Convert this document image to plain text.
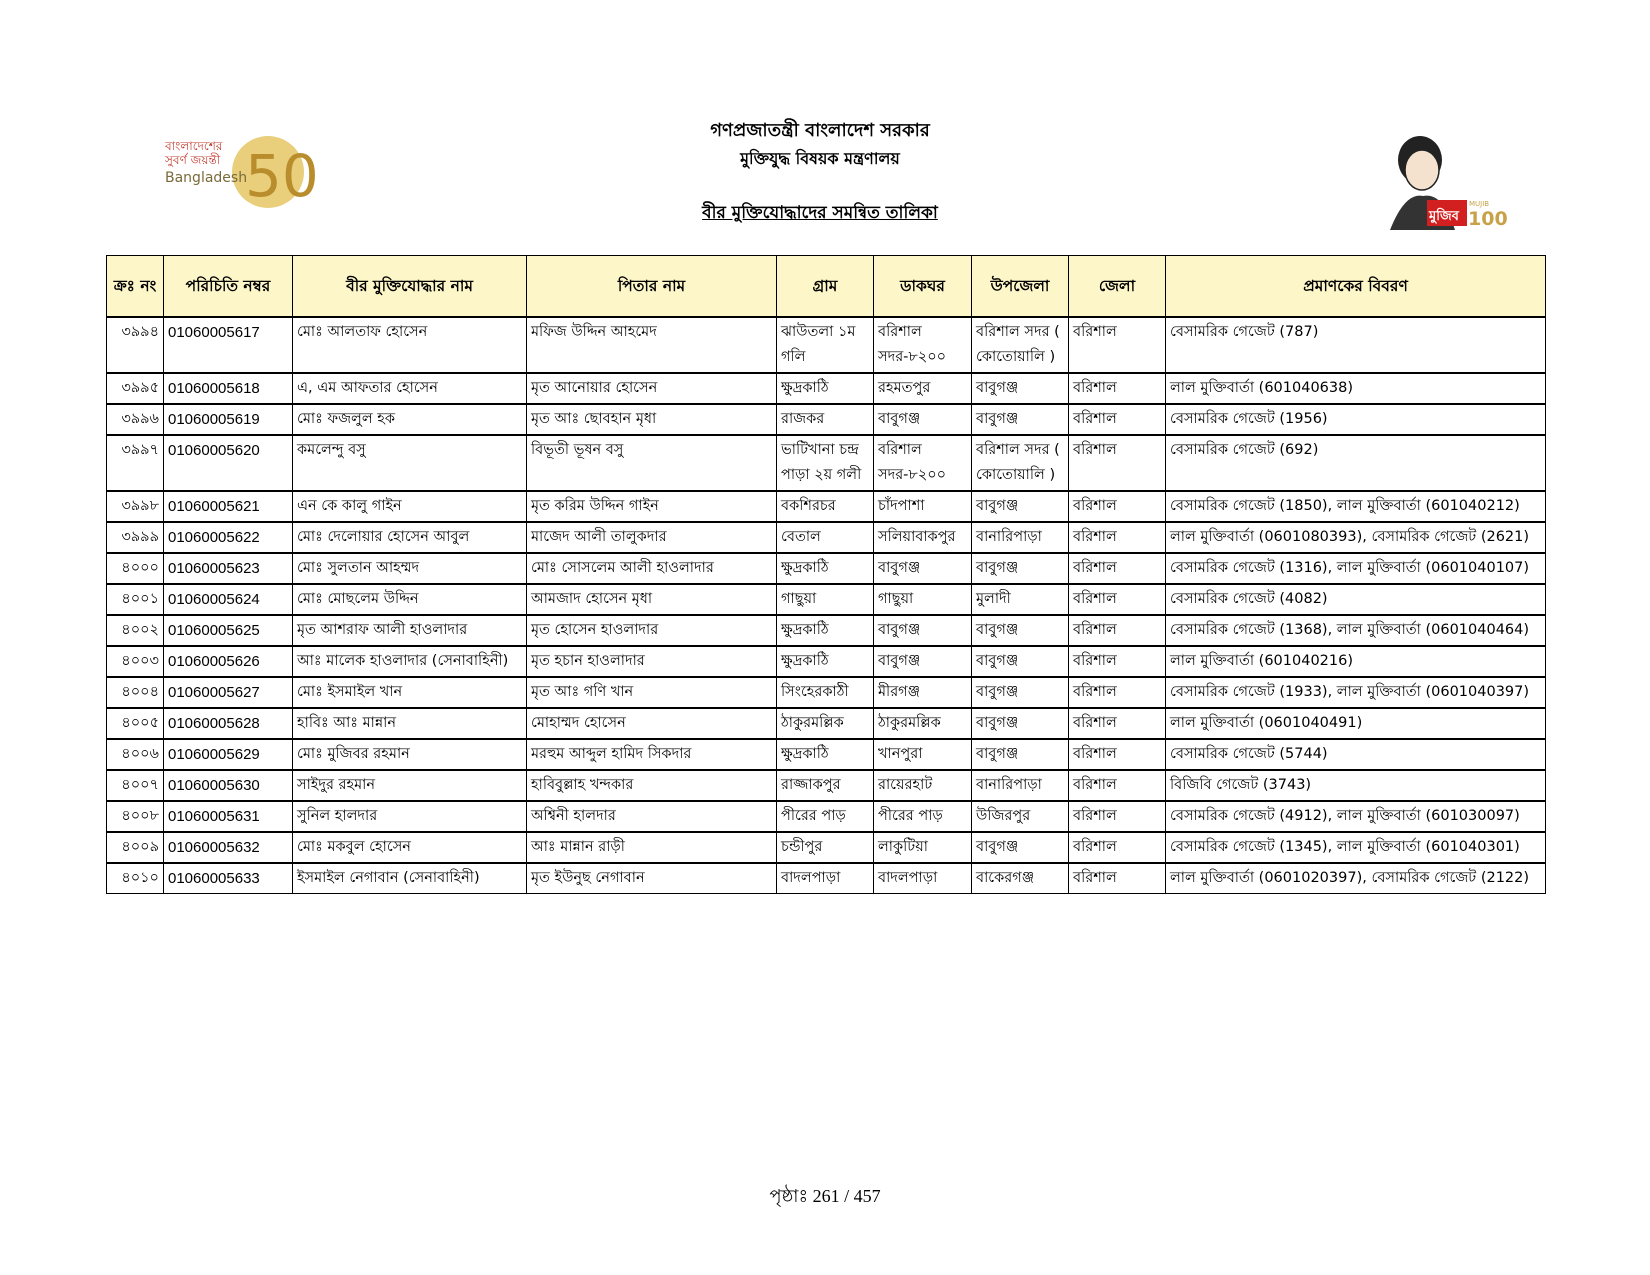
50
বাংলাদেশের
সুবর্ণ জয়ন্তী
Bangladesh
গণপ্রজাতন্ত্রী বাংলাদেশ সরকার
মুক্তিযুদ্ধ বিষয়ক মন্ত্রণালয়
বীর মুক্তিযোদ্ধাদের সমন্বিত তালিকা	মুজিব 100
MUJIB
ক্রঃ নং	পরিচিতি নম্বর	বীর মুক্তিযোদ্ধার নাম	পিতার নাম	গ্রাম	ডাকঘর	উপজেলা	জেলা	প্রমাণকের বিবরণ
৩৯৯৪	01060005617	মোঃ আলতাফ হোসেন	মফিজ উদ্দিন আহমেদ	ঝাউতলা ১ম গলি	বরিশাল সদর-৮২০০	বরিশাল সদর ( কোতোয়ালি )	বরিশাল	বেসামরিক গেজেট (787)
৩৯৯৫	01060005618	এ, এম আফতার হোসেন	মৃত আনোয়ার হোসেন	ক্ষুদ্রকাঠি	রহমতপুর	বাবুগঞ্জ	বরিশাল	লাল মুক্তিবার্তা (601040638)
৩৯৯৬	01060005619	মোঃ ফজলুল হক	মৃত আঃ ছোবহান মৃধা	রাজকর	বাবুগঞ্জ	বাবুগঞ্জ	বরিশাল	বেসামরিক গেজেট (1956)
৩৯৯৭	01060005620	কমলেন্দু বসু	বিভূতী ভূষন বসু	ভাটিখানা চন্দ্র পাড়া ২য় গলী	বরিশাল সদর-৮২০০	বরিশাল সদর ( কোতোয়ালি )	বরিশাল	বেসামরিক গেজেট (692)
৩৯৯৮	01060005621	এন কে কালু গাইন	মৃত করিম উদ্দিন গাইন	বকশিরচর	চাঁদপাশা	বাবুগঞ্জ	বরিশাল	বেসামরিক গেজেট (1850), লাল মুক্তিবার্তা (601040212)
৩৯৯৯	01060005622	মোঃ দেলোয়ার হোসেন আবুল	মাজেদ আলী তালুকদার	বেতাল	সলিয়াবাকপুর	বানারিপাড়া	বরিশাল	লাল মুক্তিবার্তা (0601080393), বেসামরিক গেজেট (2621)
৪০০০	01060005623	মোঃ সুলতান আহম্মদ	মোঃ সোসলেম আলী হাওলাদার	ক্ষুদ্রকাঠি	বাবুগঞ্জ	বাবুগঞ্জ	বরিশাল	বেসামরিক গেজেট (1316), লাল মুক্তিবার্তা (0601040107)
৪০০১	01060005624	মোঃ মোছলেম উদ্দিন	আমজাদ হোসেন মৃধা	গাছুয়া	গাছুয়া	মুলাদী	বরিশাল	বেসামরিক গেজেট (4082)
৪০০২	01060005625	মৃত আশরাফ আলী হাওলাদার	মৃত হোসেন হাওলাদার	ক্ষুদ্রকাঠি	বাবুগঞ্জ	বাবুগঞ্জ	বরিশাল	বেসামরিক গেজেট (1368), লাল মুক্তিবার্তা (0601040464)
৪০০৩	01060005626	আঃ মালেক হাওলাদার (সেনাবাহিনী)	মৃত হচান হাওলাদার	ক্ষুদ্রকাঠি	বাবুগঞ্জ	বাবুগঞ্জ	বরিশাল	লাল মুক্তিবার্তা (601040216)
৪০০৪	01060005627	মোঃ ইসমাইল খান	মৃত আঃ গণি খান	সিংহেরকাঠী	মীরগঞ্জ	বাবুগঞ্জ	বরিশাল	বেসামরিক গেজেট (1933), লাল মুক্তিবার্তা (0601040397)
৪০০৫	01060005628	হাবিঃ আঃ মান্নান	মোহাম্মদ হোসেন	ঠাকুরমল্লিক	ঠাকুরমল্লিক	বাবুগঞ্জ	বরিশাল	লাল মুক্তিবার্তা (0601040491)
৪০০৬	01060005629	মোঃ মুজিবর রহমান	মরহুম আব্দুল হামিদ সিকদার	ক্ষুদ্রকাঠি	খানপুরা	বাবুগঞ্জ	বরিশাল	বেসামরিক গেজেট (5744)
৪০০৭	01060005630	সাইদুর রহমান	হাবিবুল্লাহ খন্দকার	রাজ্জাকপুর	রায়েরহাট	বানারিপাড়া	বরিশাল	বিজিবি গেজেট (3743)
৪০০৮	01060005631	সুনিল হালদার	অশ্বিনী হালদার	পীরের পাড়	পীরের পাড়	উজিরপুর	বরিশাল	বেসামরিক গেজেট (4912), লাল মুক্তিবার্তা (601030097)
৪০০৯	01060005632	মোঃ মকবুল হোসেন	আঃ মান্নান রাড়ী	চন্ডীপুর	লাকুটিয়া	বাবুগঞ্জ	বরিশাল	বেসামরিক গেজেট (1345), লাল মুক্তিবার্তা (601040301)
৪০১০	01060005633	ইসমাইল নেগাবান (সেনাবাহিনী)	মৃত ইউনুছ নেগাবান	বাদলপাড়া	বাদলপাড়া	বাকেরগঞ্জ	বরিশাল	লাল মুক্তিবার্তা (0601020397), বেসামরিক গেজেট (2122)
পৃষ্ঠাঃ 261 / 457
